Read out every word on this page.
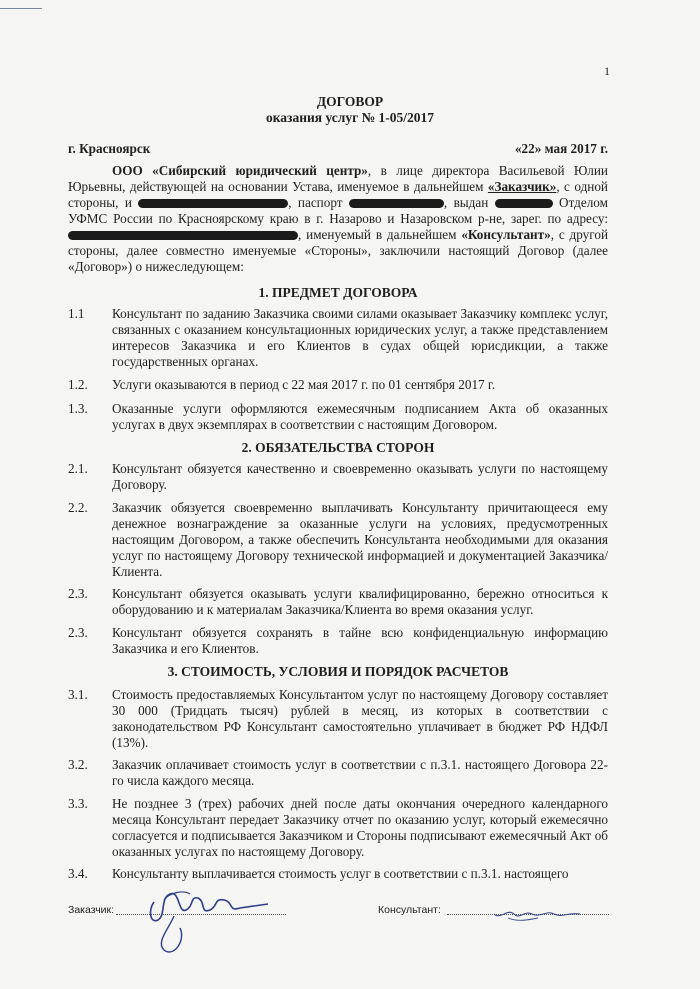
1
ДОГОВОР
оказания услуг № 1-05/2017
г. Красноярск	«22» мая 2017 г.

ООО «Сибирский юридический центр», в лице директора Васильевой Юлии Юрьевны, действующей на основании Устава, именуемое в дальнейшем «Заказчик», с одной стороны, и	, паспорт	, выдан	Отделом УФМС России по Красноярскому краю в г. Назарово и Назаровском р-не, зарег. по адресу: , именуемый в дальнейшем «Консультант», с другой стороны, далее совместно именуемые «Стороны», заключили настоящий Договор (далее «Договор») о нижеследующем:

1. ПРЕДМЕТ ДОГОВОРА
1.1 Консультант по заданию Заказчика своими силами оказывает Заказчику комплекс услуг, связанных с оказанием консультационных юридических услуг, а также представлением интересов Заказчика и его Клиентов в судах общей юрисдикции, а также государственных органах.
1.2. Услуги оказываются в период с 22 мая 2017 г. по 01 сентября 2017 г.
1.3. Оказанные услуги оформляются ежемесячным подписанием Акта об оказанных услугах в двух экземплярах в соответствии с настоящим Договором.
2. ОБЯЗАТЕЛЬСТВА СТОРОН
2.1. Консультант обязуется качественно и своевременно оказывать услуги по настоящему Договору.
2.2. Заказчик обязуется своевременно выплачивать Консультанту причитающееся ему денежное вознаграждение за оказанные услуги на условиях, предусмотренных настоящим Договором, а также обеспечить Консультанта необходимыми для оказания услуг по настоящему Договору технической информацией и документацией Заказчика/ Клиента.
2.3. Консультант обязуется оказывать услуги квалифицированно, бережно относиться к оборудованию и к материалам Заказчика/Клиента во время оказания услуг.
2.3. Консультант обязуется сохранять в тайне всю конфиденциальную информацию Заказчика и его Клиентов.
3. СТОИМОСТЬ, УСЛОВИЯ И ПОРЯДОК РАСЧЕТОВ
3.1. Стоимость предоставляемых Консультантом услуг по настоящему Договору составляет 30 000 (Тридцать тысяч) рублей в месяц, из которых в соответствии с законодательством РФ Консультант самостоятельно уплачивает в бюджет РФ НДФЛ (13%).
3.2. Заказчик оплачивает стоимость услуг в соответствии с п.3.1. настоящего Договора 22-го числа каждого месяца.
3.3. Не позднее 3 (трех) рабочих дней после даты окончания очередного календарного месяца Консультант передает Заказчику отчет по оказанию услуг, который ежемесячно согласуется и подписывается Заказчиком и Стороны подписывают ежемесячный Акт об оказанных услугах по настоящему Договору.
3.4. Консультанту выплачивается стоимость услуг в соответствии с п.3.1. настоящего
Заказчик:	Консультант:
